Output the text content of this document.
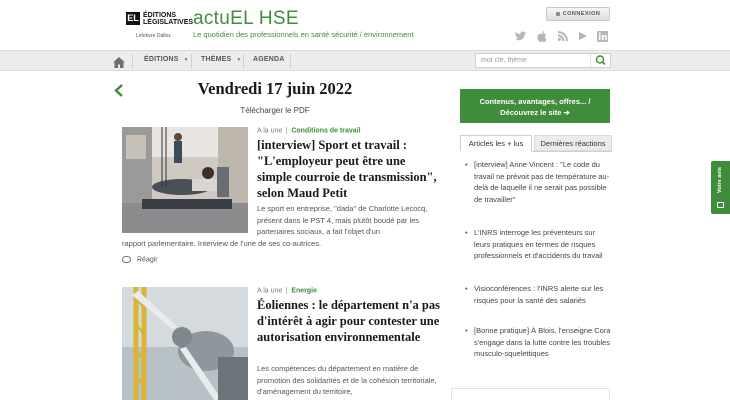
EL ÉDITIONS
LÉGISLATIVES
Lefebvre Dalloz
actuEL HSE
Le quotidien des professionnels en santé sécurité / environnement
CONNEXION
ÉDITIONS ▼ THÈMES ▼ AGENDA
mot clé, thème
Vendredi 17 juin 2022
Télécharger le PDF
A la une Conditions de travail
[interview] Sport et travail : "L'employeur peut être une simple courroie de transmission", selon Maud Petit
Le sport en entreprise, "dada" de Charlotte Lecocq, présent dans le PST 4, mais plutôt boudé par les partenaires sociaux, a fait l'objet d'un
rapport parlementaire. Interview de l'une de ses co-autrices.
Réagir
A la une Energie
Éoliennes : le département n'a pas d'intérêt à agir pour contester une autorisation environnementale
Les compétences du département en matière de promotion des solidarités et de la cohésion territoriale, d'aménagement du territoire,
Contenus, avantages, offres... /
Découvrez le site ➔
Articles les + lus	Dernières réactions
• [interview] Anne Vincent : "Le code du travail ne prévoit pas de température au-delà de laquelle il ne serait pas possible de travailler"
• L'INRS interroge les préventeurs sur leurs pratiques en termes de risques professionnels et d'accidents du travail
• Visioconférences : l'INRS alerte sur les risques pour la santé des salariés
• [Bonne pratique] À Blois, l'enseigne Cora s'engage dans la lutte contre les troubles musculo-squelettiques
Votre avis
